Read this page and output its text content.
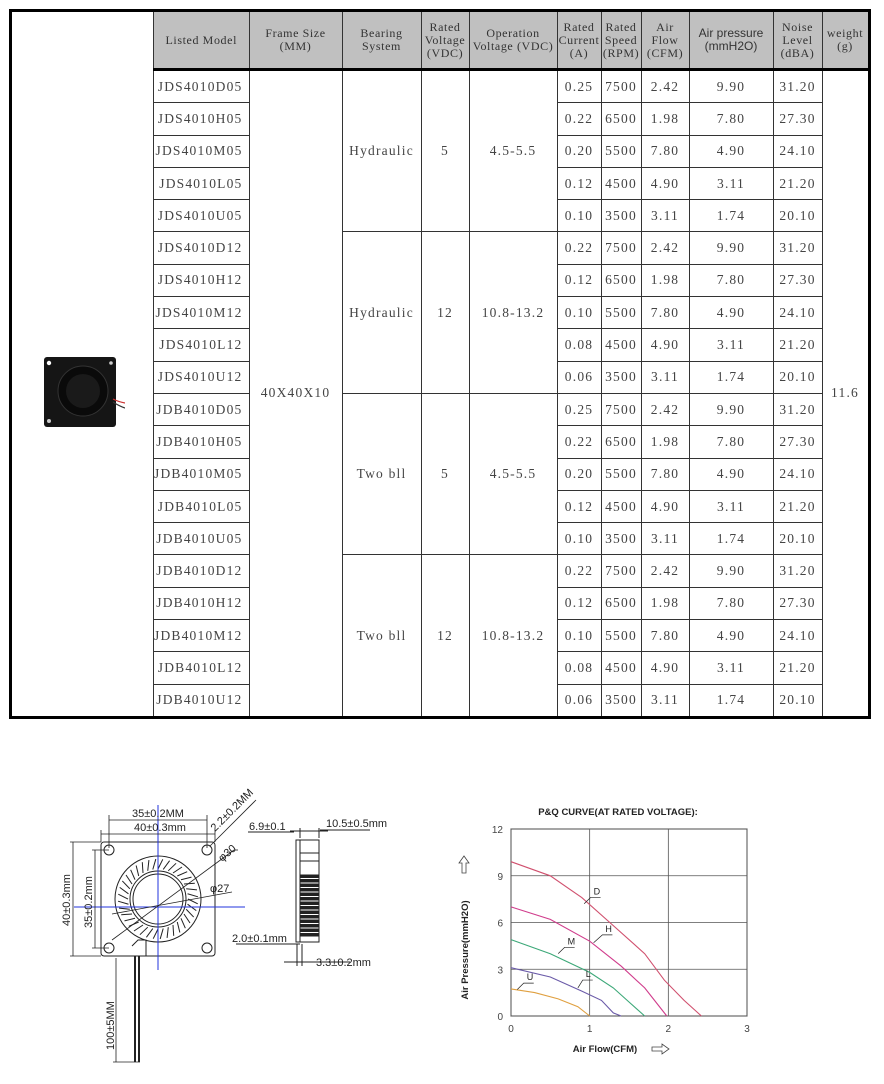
	Listed Model	Frame Size (MM)	Bearing System	Rated
Voltage
(VDC)	Operation
Voltage (VDC)	Rated
Current
(A)	Rated
Speed
(RPM)	Air Flow
(CFM)	Air pressure
(mmH2O)	Noise
Level
(dBA)	weight
(g)
	JDS4010D05	40X40X10	Hydraulic	5	4.5-5.5	0.25	7500	2.42	9.90	31.20	11.6
	JDS4010H05					0.22	6500	1.98	7.80	27.30	
	JDS4010M05					0.20	5500	7.80	4.90	24.10	
	JDS4010L05					0.12	4500	4.90	3.11	21.20	
	JDS4010U05					0.10	3500	3.11	1.74	20.10	
	JDS4010D12		Hydraulic	12	10.8-13.2	0.22	7500	2.42	9.90	31.20	
	JDS4010H12					0.12	6500	1.98	7.80	27.30	
	JDS4010M12					0.10	5500	7.80	4.90	24.10	
	JDS4010L12					0.08	4500	4.90	3.11	21.20	
	JDS4010U12					0.06	3500	3.11	1.74	20.10	
	JDB4010D05		Two bll	5	4.5-5.5	0.25	7500	2.42	9.90	31.20	
	JDB4010H05					0.22	6500	1.98	7.80	27.30	
	JDB4010M05					0.20	5500	7.80	4.90	24.10	
	JDB4010L05					0.12	4500	4.90	3.11	21.20	
	JDB4010U05					0.10	3500	3.11	1.74	20.10	
	JDB4010D12		Two bll	12	10.8-13.2	0.22	7500	2.42	9.90	31.20	
	JDB4010H12					0.12	6500	1.98	7.80	27.30	
	JDB4010M12					0.10	5500	7.80	4.90	24.10	
	JDB4010L12					0.08	4500	4.90	3.11	21.20	
	JDB4010U12					0.06	3500	3.11	1.74	20.10	
35±0.2MM
40±0.3mm 2.2±0.2MM
φ30
φ27
40±0.3mm 35±0.2mm
100±5MM
6.9±0.1	10.5±0.5mm
2.0±0.1mm
3.3±0.2mm
P&Q CURVE(AT RATED VOLTAGE):
D
H
M
L
U
0	1	2	3
0
3
6
9
12
Air Flow(CFM)
Air Pressure(mmH2O)
